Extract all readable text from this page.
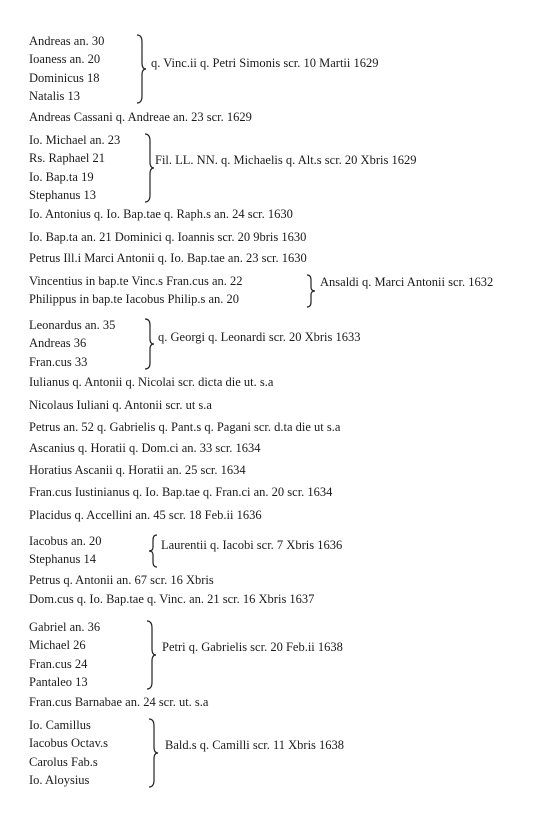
Andreas an. 30
Ioaness an. 20
Dominicus 18
Natalis 13
q. Vinc.ii q. Petri Simonis scr. 10 Martii 1629
Andreas Cassani q. Andreae an. 23 scr. 1629
Io. Michael an. 23
Rs. Raphael 21
Io. Bap.ta 19
Stephanus 13
Fil. LL. NN. q. Michaelis q. Alt.s scr. 20 Xbris 1629
Io. Antonius q. Io. Bap.tae q. Raph.s an. 24 scr. 1630
Io. Bap.ta an. 21 Dominici q. Ioannis scr. 20 9bris 1630
Petrus Ill.i Marci Antonii q. Io. Bap.tae an. 23 scr. 1630
Vincentius in bap.te Vinc.s Fran.cus an. 22
Philippus in bap.te Iacobus Philip.s an. 20
Ansaldi q. Marci Antonii scr. 1632
Leonardus an. 35
Andreas 36
Fran.cus 33
q. Georgi q. Leonardi scr. 20 Xbris 1633
Iulianus q. Antonii q. Nicolai scr. dicta die ut. s.a
Nicolaus Iuliani q. Antonii scr. ut s.a
Petrus an. 52 q. Gabrielis q. Pant.s q. Pagani scr. d.ta die ut s.a
Ascanius q. Horatii q. Dom.ci an. 33 scr. 1634
Horatius Ascanii q. Horatii an. 25 scr. 1634
Fran.cus Iustinianus q. Io. Bap.tae q. Fran.ci an. 20 scr. 1634
Placidus q. Accellini an. 45 scr. 18 Feb.ii 1636
Iacobus an. 20
Stephanus 14
Laurentii q. Iacobi scr. 7 Xbris 1636
Petrus q. Antonii an. 67 scr. 16 Xbris
Dom.cus q. Io. Bap.tae q. Vinc. an. 21 scr. 16 Xbris 1637
Gabriel an. 36
Michael 26
Fran.cus 24
Pantaleo 13
Petri q. Gabrielis scr. 20 Feb.ii 1638
Fran.cus Barnabae an. 24 scr. ut. s.a
Io. Camillus
Iacobus Octav.s
Carolus Fab.s
Io. Aloysius
Bald.s q. Camilli scr. 11 Xbris 1638
